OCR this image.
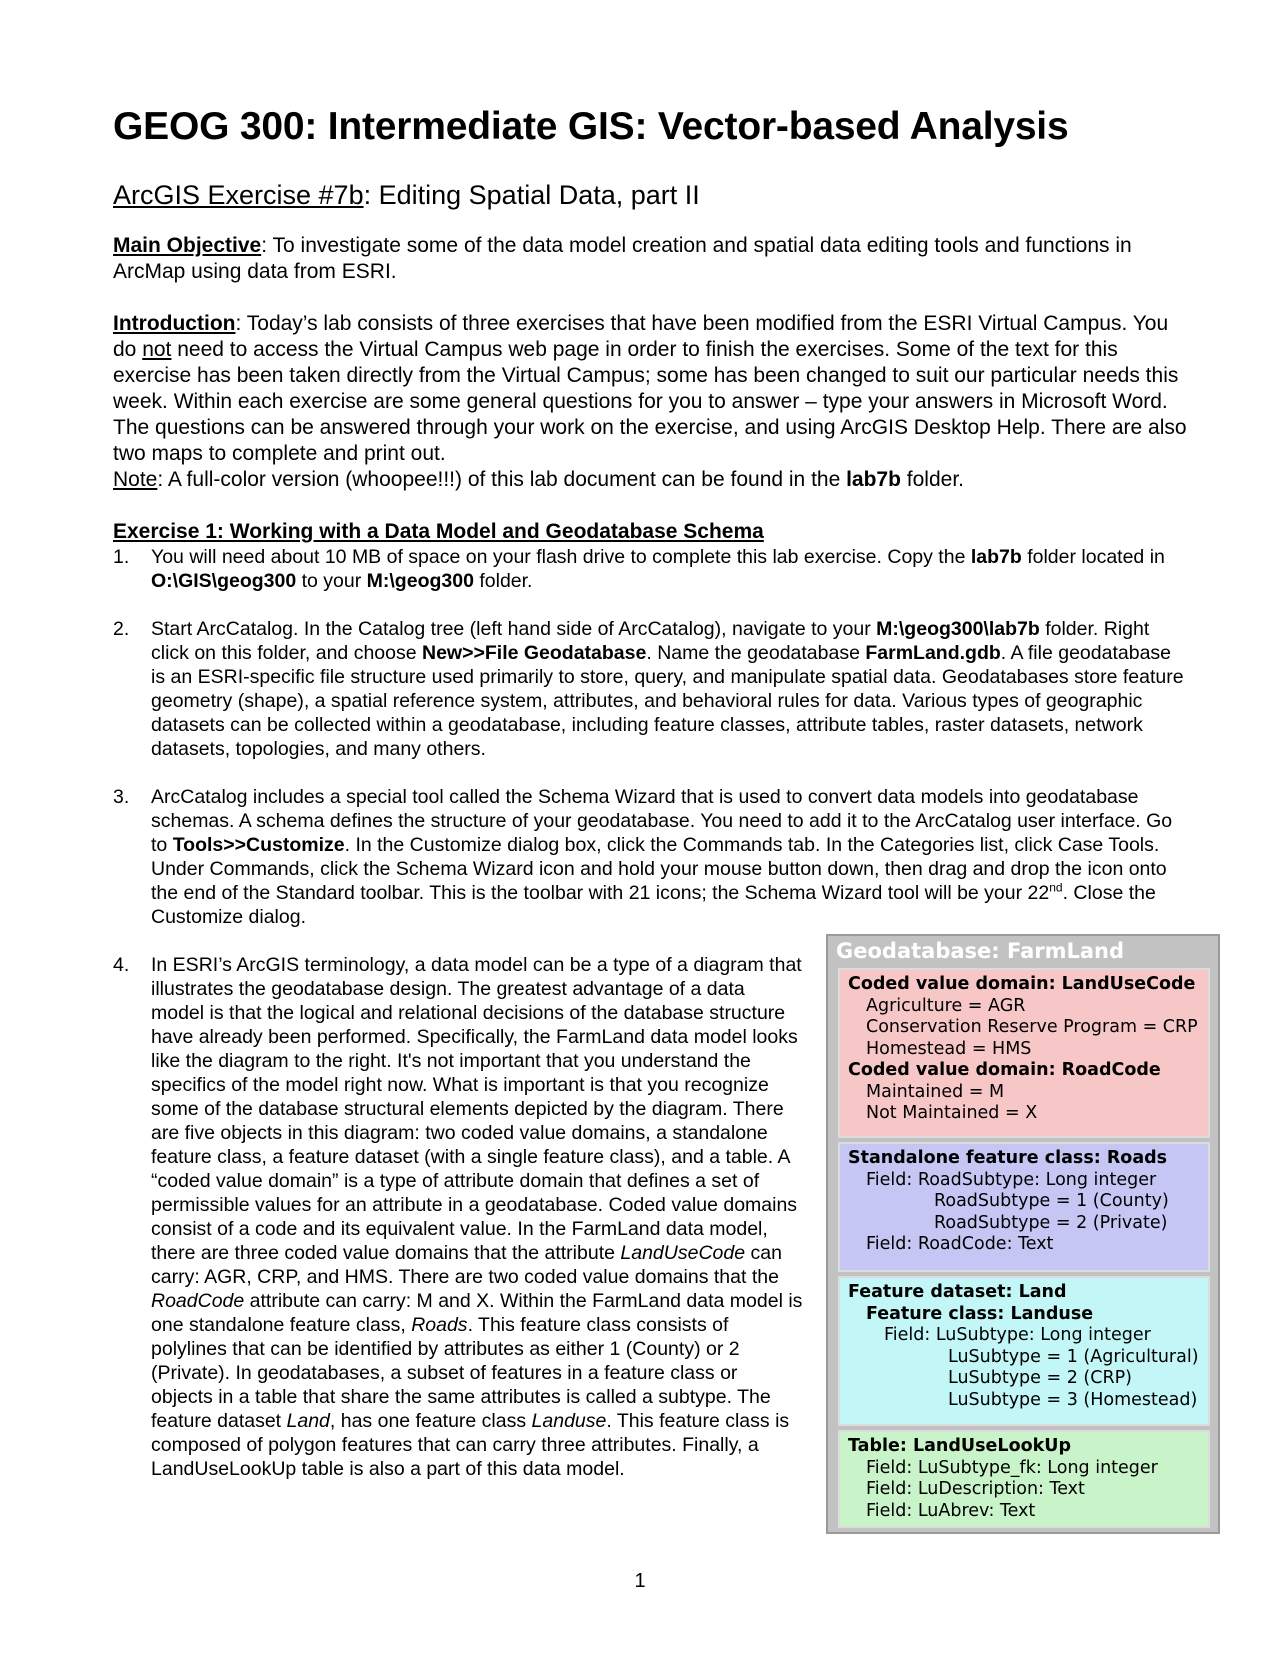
GEOG 300: Intermediate GIS: Vector-based Analysis
ArcGIS Exercise #7b: Editing Spatial Data, part II

Main Objective: To investigate some of the data model creation and spatial data editing tools and functions in ArcMap using data from ESRI.

Introduction: Today’s lab consists of three exercises that have been modified from the ESRI Virtual Campus. You do not need to access the Virtual Campus web page in order to finish the exercises. Some of the text for this exercise has been taken directly from the Virtual Campus; some has been changed to suit our particular needs this week. Within each exercise are some general questions for you to answer – type your answers in Microsoft Word. The questions can be answered through your work on the exercise, and using ArcGIS Desktop Help. There are also two maps to complete and print out.
Note: A full-color version (whoopee!!!) of this lab document can be found in the lab7b folder.

Exercise 1: Working with a Data Model and Geodatabase Schema
1. You will need about 10 MB of space on your flash drive to complete this lab exercise. Copy the lab7b folder located in O:\GIS\geog300 to your M:\geog300 folder.
2. Start ArcCatalog. In the Catalog tree (left hand side of ArcCatalog), navigate to your M:\geog300\lab7b folder. Right click on this folder, and choose New>>File Geodatabase. Name the geodatabase FarmLand.gdb. A file geodatabase is an ESRI-specific file structure used primarily to store, query, and manipulate spatial data. Geodatabases store feature geometry (shape), a spatial reference system, attributes, and behavioral rules for data. Various types of geographic datasets can be collected within a geodatabase, including feature classes, attribute tables, raster datasets, network datasets, topologies, and many others.
3. ArcCatalog includes a special tool called the Schema Wizard that is used to convert data models into geodatabase schemas. A schema defines the structure of your geodatabase. You need to add it to the ArcCatalog user interface. Go to Tools>>Customize. In the Customize dialog box, click the Commands tab. In the Categories list, click Case Tools. Under Commands, click the Schema Wizard icon and hold your mouse button down, then drag and drop the icon onto the end of the Standard toolbar. This is the toolbar with 21 icons; the Schema Wizard tool will be your 22nd. Close the Customize dialog.
4. In ESRI’s ArcGIS terminology, a data model can be a type of a diagram that illustrates the geodatabase design. The greatest advantage of a data model is that the logical and relational decisions of the database structure have already been performed. Specifically, the FarmLand data model looks like the diagram to the right. It's not important that you understand the specifics of the model right now. What is important is that you recognize some of the database structural elements depicted by the diagram. There are five objects in this diagram: two coded value domains, a standalone feature class, a feature dataset (with a single feature class), and a table. A “coded value domain” is a type of attribute domain that defines a set of permissible values for an attribute in a geodatabase. Coded value domains consist of a code and its equivalent value. In the FarmLand data model, there are three coded value domains that the attribute LandUseCode can carry: AGR, CRP, and HMS. There are two coded value domains that the RoadCode attribute can carry: M and X. Within the FarmLand data model is one standalone feature class, Roads. This feature class consists of polylines that can be identified by attributes as either 1 (County) or 2 (Private). In geodatabases, a subset of features in a feature class or objects in a table that share the same attributes is called a subtype. The feature dataset Land, has one feature class Landuse. This feature class is composed of polygon features that can carry three attributes. Finally, a LandUseLookUp table is also a part of this data model.
Geodatabase: FarmLand
Coded value domain: LandUseCode
Agriculture = AGR
Conservation Reserve Program = CRP
Homestead = HMS
Coded value domain: RoadCode
Maintained = M
Not Maintained = X
Standalone feature class: Roads
Field: RoadSubtype: Long integer
RoadSubtype = 1 (County)
RoadSubtype = 2 (Private)
Field: RoadCode: Text
Feature dataset: Land
Feature class: Landuse
Field: LuSubtype: Long integer
LuSubtype = 1 (Agricultural)
LuSubtype = 2 (CRP)
LuSubtype = 3 (Homestead)
Table: LandUseLookUp
Field: LuSubtype_fk: Long integer
Field: LuDescription: Text
Field: LuAbrev: Text
1
